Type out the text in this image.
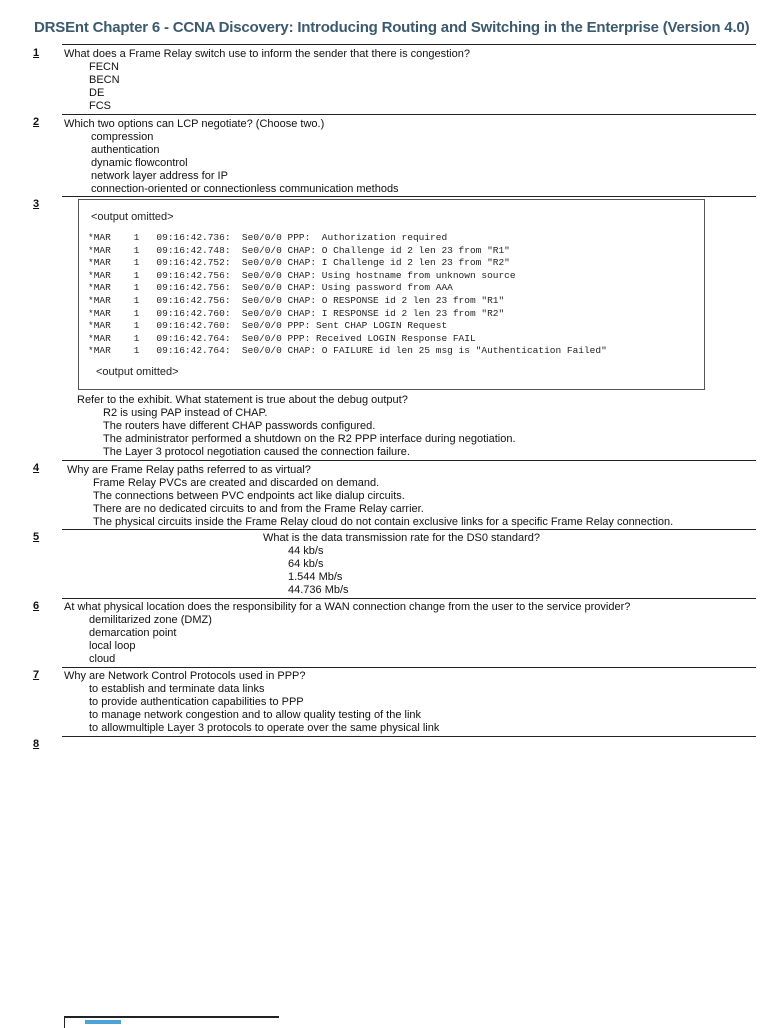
DRSEnt Chapter 6 - CCNA Discovery: Introducing Routing and Switching in the Enterprise (Version 4.0)
1 What does a Frame Relay switch use to inform the sender that there is congestion?
FECN
BECN
DE
FCS
2 Which two options can LCP negotiate? (Choose two.)
compression
authentication
dynamic flowcontrol
network layer address for IP
connection-oriented or connectionless communication methods
3
<output omitted>
*MAR    1   09:16:42.736:  Se0/0/0 PPP:  Authorization required
*MAR    1   09:16:42.748:  Se0/0/0 CHAP: O Challenge id 2 len 23 from "R1"
*MAR    1   09:16:42.752:  Se0/0/0 CHAP: I Challenge id 2 len 23 from "R2"
*MAR    1   09:16:42.756:  Se0/0/0 CHAP: Using hostname from unknown source
*MAR    1   09:16:42.756:  Se0/0/0 CHAP: Using password from AAA
*MAR    1   09:16:42.756:  Se0/0/0 CHAP: O RESPONSE id 2 len 23 from "R1"
*MAR    1   09:16:42.760:  Se0/0/0 CHAP: I RESPONSE id 2 len 23 from "R2"
*MAR    1   09:16:42.760:  Se0/0/0 PPP: Sent CHAP LOGIN Request
*MAR    1   09:16:42.764:  Se0/0/0 PPP: Received LOGIN Response FAIL
*MAR    1   09:16:42.764:  Se0/0/0 CHAP: O FAILURE id len 25 msg is "Authentication Failed"
<output omitted>
Refer to the exhibit. What statement is true about the debug output?
R2 is using PAP instead of CHAP.
The routers have different CHAP passwords configured.
The administrator performed a shutdown on the R2 PPP interface during negotiation.
The Layer 3 protocol negotiation caused the connection failure.
4	Why are Frame Relay paths referred to as virtual?
Frame Relay PVCs are created and discarded on demand.
The connections between PVC endpoints act like dialup circuits.
There are no dedicated circuits to and from the Frame Relay carrier.
The physical circuits inside the Frame Relay cloud do not contain exclusive links for a specific Frame Relay connection.
5	What is the data transmission rate for the DS0 standard?
44 kb/s
64 kb/s
1.544 Mb/s
44.736 Mb/s
6 At what physical location does the responsibility for a WAN connection change from the user to the service provider?
demilitarized zone (DMZ)
demarcation point
local loop
cloud
7 Why are Network Control Protocols used in PPP?
to establish and terminate data links
to provide authentication capabilities to PPP
to manage network congestion and to allow quality testing of the link
to allowmultiple Layer 3 protocols to operate over the same physical link
8
